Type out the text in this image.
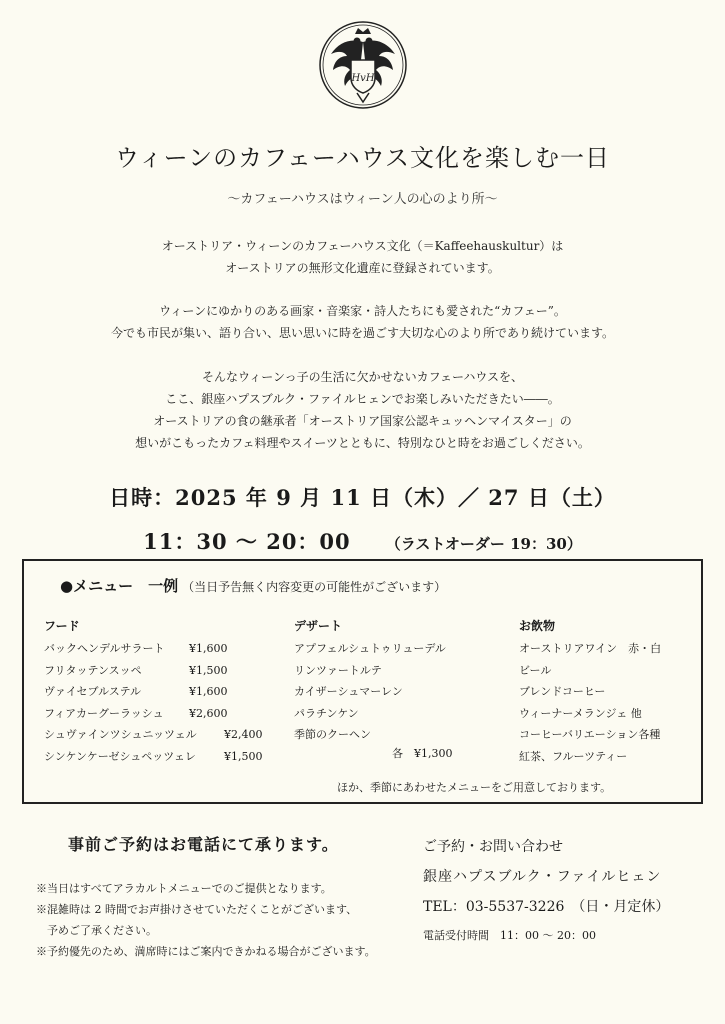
HvH
ウィーンのカフェーハウス文化を楽しむ一日
〜カフェーハウスはウィーン人の心のより所〜
オーストリア・ウィーンのカフェーハウス文化（＝Kaffeehauskultur）は
オーストリアの無形文化遺産に登録されています。
ウィーンにゆかりのある画家・音楽家・詩人たちにも愛された“カフェー”。
今でも市民が集い、語り合い、思い思いに時を過ごす大切な心のより所であり続けています。
そんなウィーンっ子の生活に欠かせないカフェーハウスを、
ここ、銀座ハプスブルク・ファイルヒェンでお楽しみいただきたい――。
オーストリアの食の継承者「オーストリア国家公認キュッヘンマイスター」の
想いがこもったカフェ料理やスイーツとともに、特別なひと時をお過ごしください。
日時：2025 年 9 月 11 日（木）／ 27 日（土）
11：30 〜 20：00 （ラストオーダー 19：30）
●メニュー　一例 （当日予告無く内容変更の可能性がございます）
フード
バックヘンデルサラート ¥1,600
フリタッテンスッペ	¥1,500
ヴァイセブルステル	¥1,600
フィアカーグーラッシュ ¥2,600
シュヴァインツシュニッツェル ¥2,400
シンケンケーゼシュペッツェレ	¥1,500
デザート
アプフェルシュトゥリューデル
リンツァートルテ
カイザーシュマーレン
パラチンケン
季節のクーヘン
各　¥1,300
お飲物
オーストリアワイン　赤・白
ビール
ブレンドコーヒー
ウィーナーメランジェ 他
コーヒーバリエーション各種
紅茶、フルーツティー
ほか、季節にあわせたメニューをご用意しております。
事前ご予約はお電話にて承ります。
※当日はすべてアラカルトメニューでのご提供となります。
※混雑時は 2 時間でお声掛けさせていただくことがございます、
　予めご了承ください。
※予約優先のため、満席時にはご案内できかねる場合がございます。
ご予約・お問い合わせ
銀座ハプスブルク・ファイルヒェン
TEL：03-5537-3226　（日・月定休）
電話受付時間　11：00 〜 20：00
